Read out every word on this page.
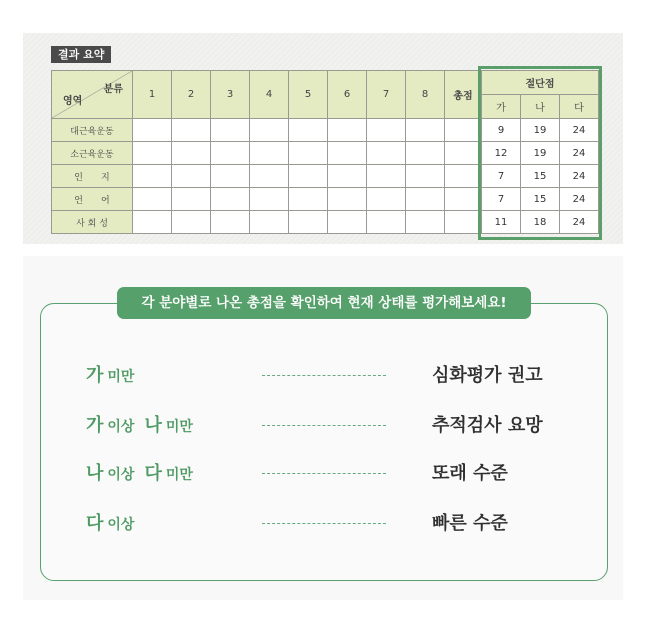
결과 요약
분류
영역	1	2	3	4	5	6	7	8	총점	절단점		
										가	나	다
대근육운동										9	19	24
소근육운동										12	19	24
인　　지										7	15	24
언　　어										7	15	24
사 회 성										11	18	24
각 분야별로 나온 총점을 확인하여 현재 상태를 평가해보세요!
가 미만	심화평가 권고
가 이상 나 미만	추적검사 요망
나 이상 다 미만	또래 수준
다 이상	빠른 수준
